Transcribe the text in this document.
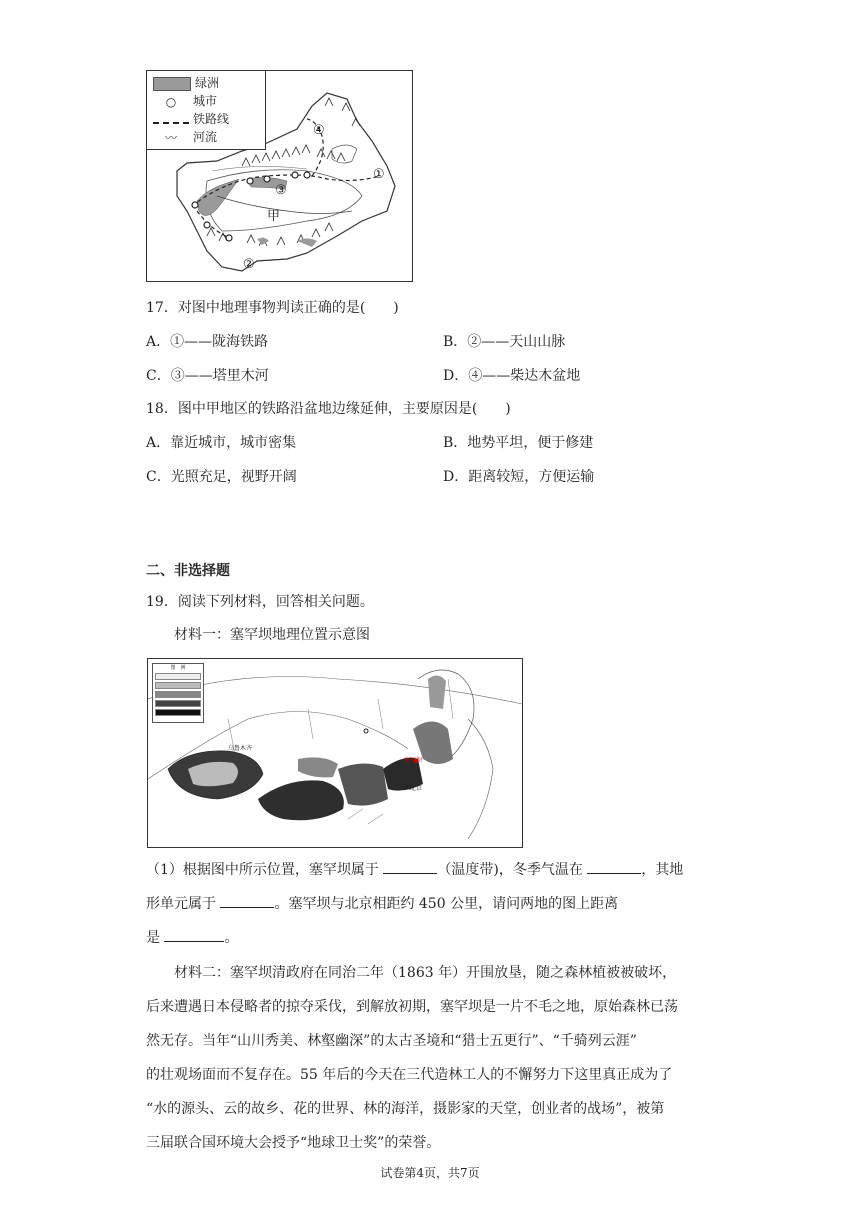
绿洲
○ 城市
铁路线
〰 河流
①
②
③
④
甲
17．对图中地理事物判读正确的是(　　)
A．①——陇海铁路	B．②——天山山脉
C．③——塔里木河	D．④——柴达木盆地
18．图中甲地区的铁路沿盆地边缘延伸，主要原因是(　　)
A．靠近城市，城市密集	B．地势平坦，便于修建
C．光照充足，视野开阔	D．距离较短，方便运输
二、非选择题
19．阅读下列材料，回答相关问题。
材料一：塞罕坝地理位置示意图
图　例
乌鲁木齐
塞罕坝
北京
（1）根据图中所示位置，塞罕坝属于	（温度带)，冬季气温在	，其地
形单元属于	。塞罕坝与北京相距约 450 公里，请问两地的图上距离
是	。
材料二：塞罕坝清政府在同治二年（1863 年）开围放垦，随之森林植被被破坏，
后来遭遇日本侵略者的掠夺采伐，到解放初期，塞罕坝是一片不毛之地，原始森林已荡
然无存。当年“山川秀美、林壑幽深”的太古圣境和“猎士五更行”、“千骑列云涯”
的壮观场面而不复存在。55 年后的今天在三代造林工人的不懈努力下这里真正成为了
“水的源头、云的故乡、花的世界、林的海洋，摄影家的天堂，创业者的战场”，被第
三届联合国环境大会授予“地球卫士奖”的荣誉。
试卷第4页，共7页
